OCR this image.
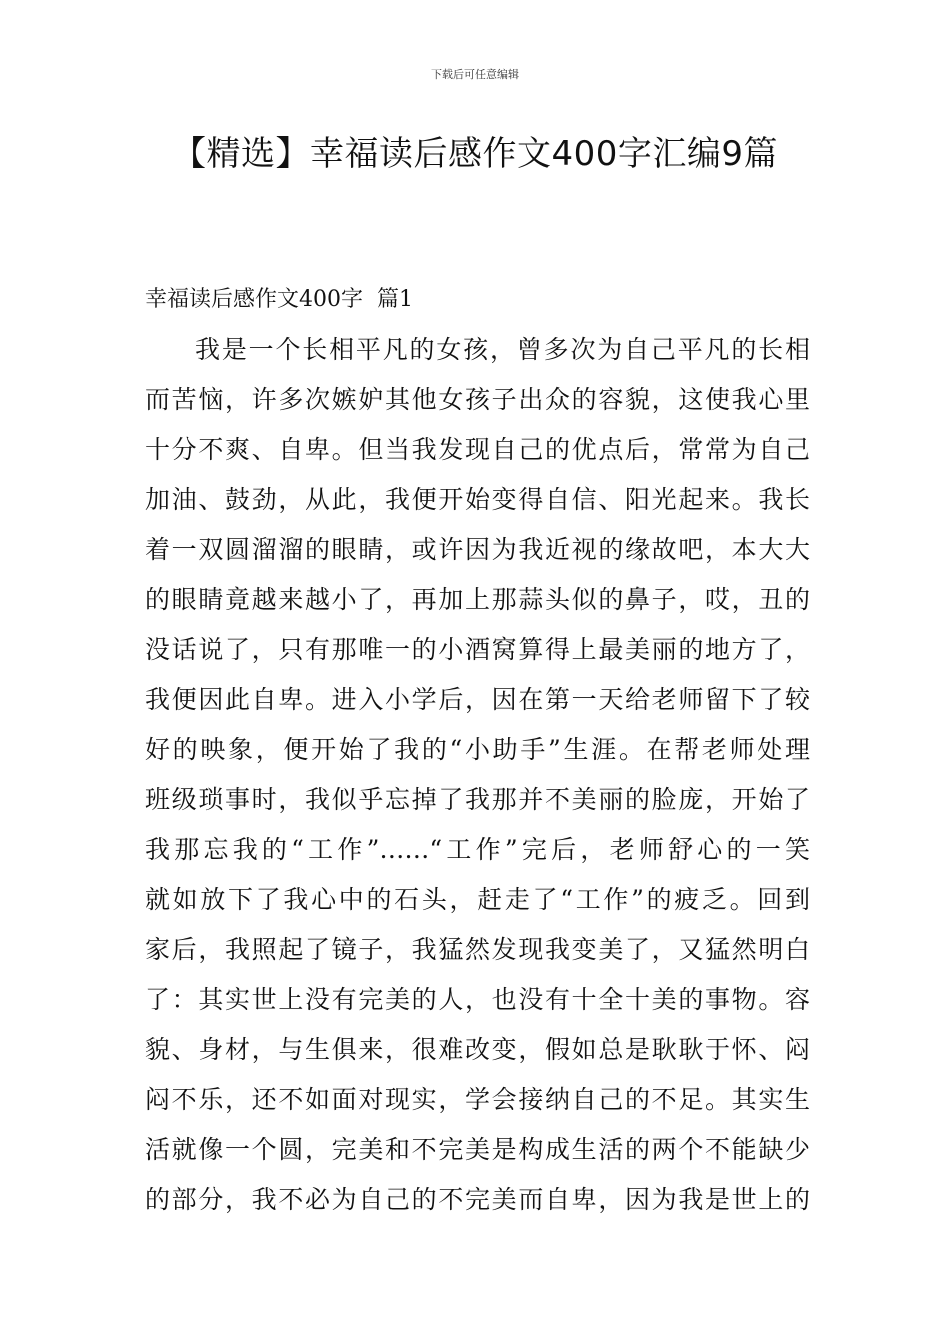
下载后可任意编辑
【精选】幸福读后感作文400字汇编9篇
幸福读后感作文400字  篇1
我是一个长相平凡的女孩，曾多次为自己平凡的长相
而苦恼，许多次嫉妒其他女孩子出众的容貌，这使我心里
十分不爽、自卑。但当我发现自己的优点后，常常为自己
加油、鼓劲，从此，我便开始变得自信、阳光起来。我长
着一双圆溜溜的眼睛，或许因为我近视的缘故吧，本大大
的眼睛竟越来越小了，再加上那蒜头似的鼻子，哎，丑的
没话说了，只有那唯一的小酒窝算得上最美丽的地方了，
我便因此自卑。进入小学后，因在第一天给老师留下了较
好的映象，便开始了我的“小助手”生涯。在帮老师处理
班级琐事时，我似乎忘掉了我那并不美丽的脸庞，开始了
我那忘我的“工作”……“工作”完后，老师舒心的一笑
就如放下了我心中的石头，赶走了“工作”的疲乏。回到
家后，我照起了镜子，我猛然发现我变美了，又猛然明白
了：其实世上没有完美的人，也没有十全十美的事物。容
貌、身材，与生俱来，很难改变，假如总是耿耿于怀、闷
闷不乐，还不如面对现实，学会接纳自己的不足。其实生
活就像一个圆，完美和不完美是构成生活的两个不能缺少
的部分，我不必为自己的不完美而自卑，因为我是世上的
